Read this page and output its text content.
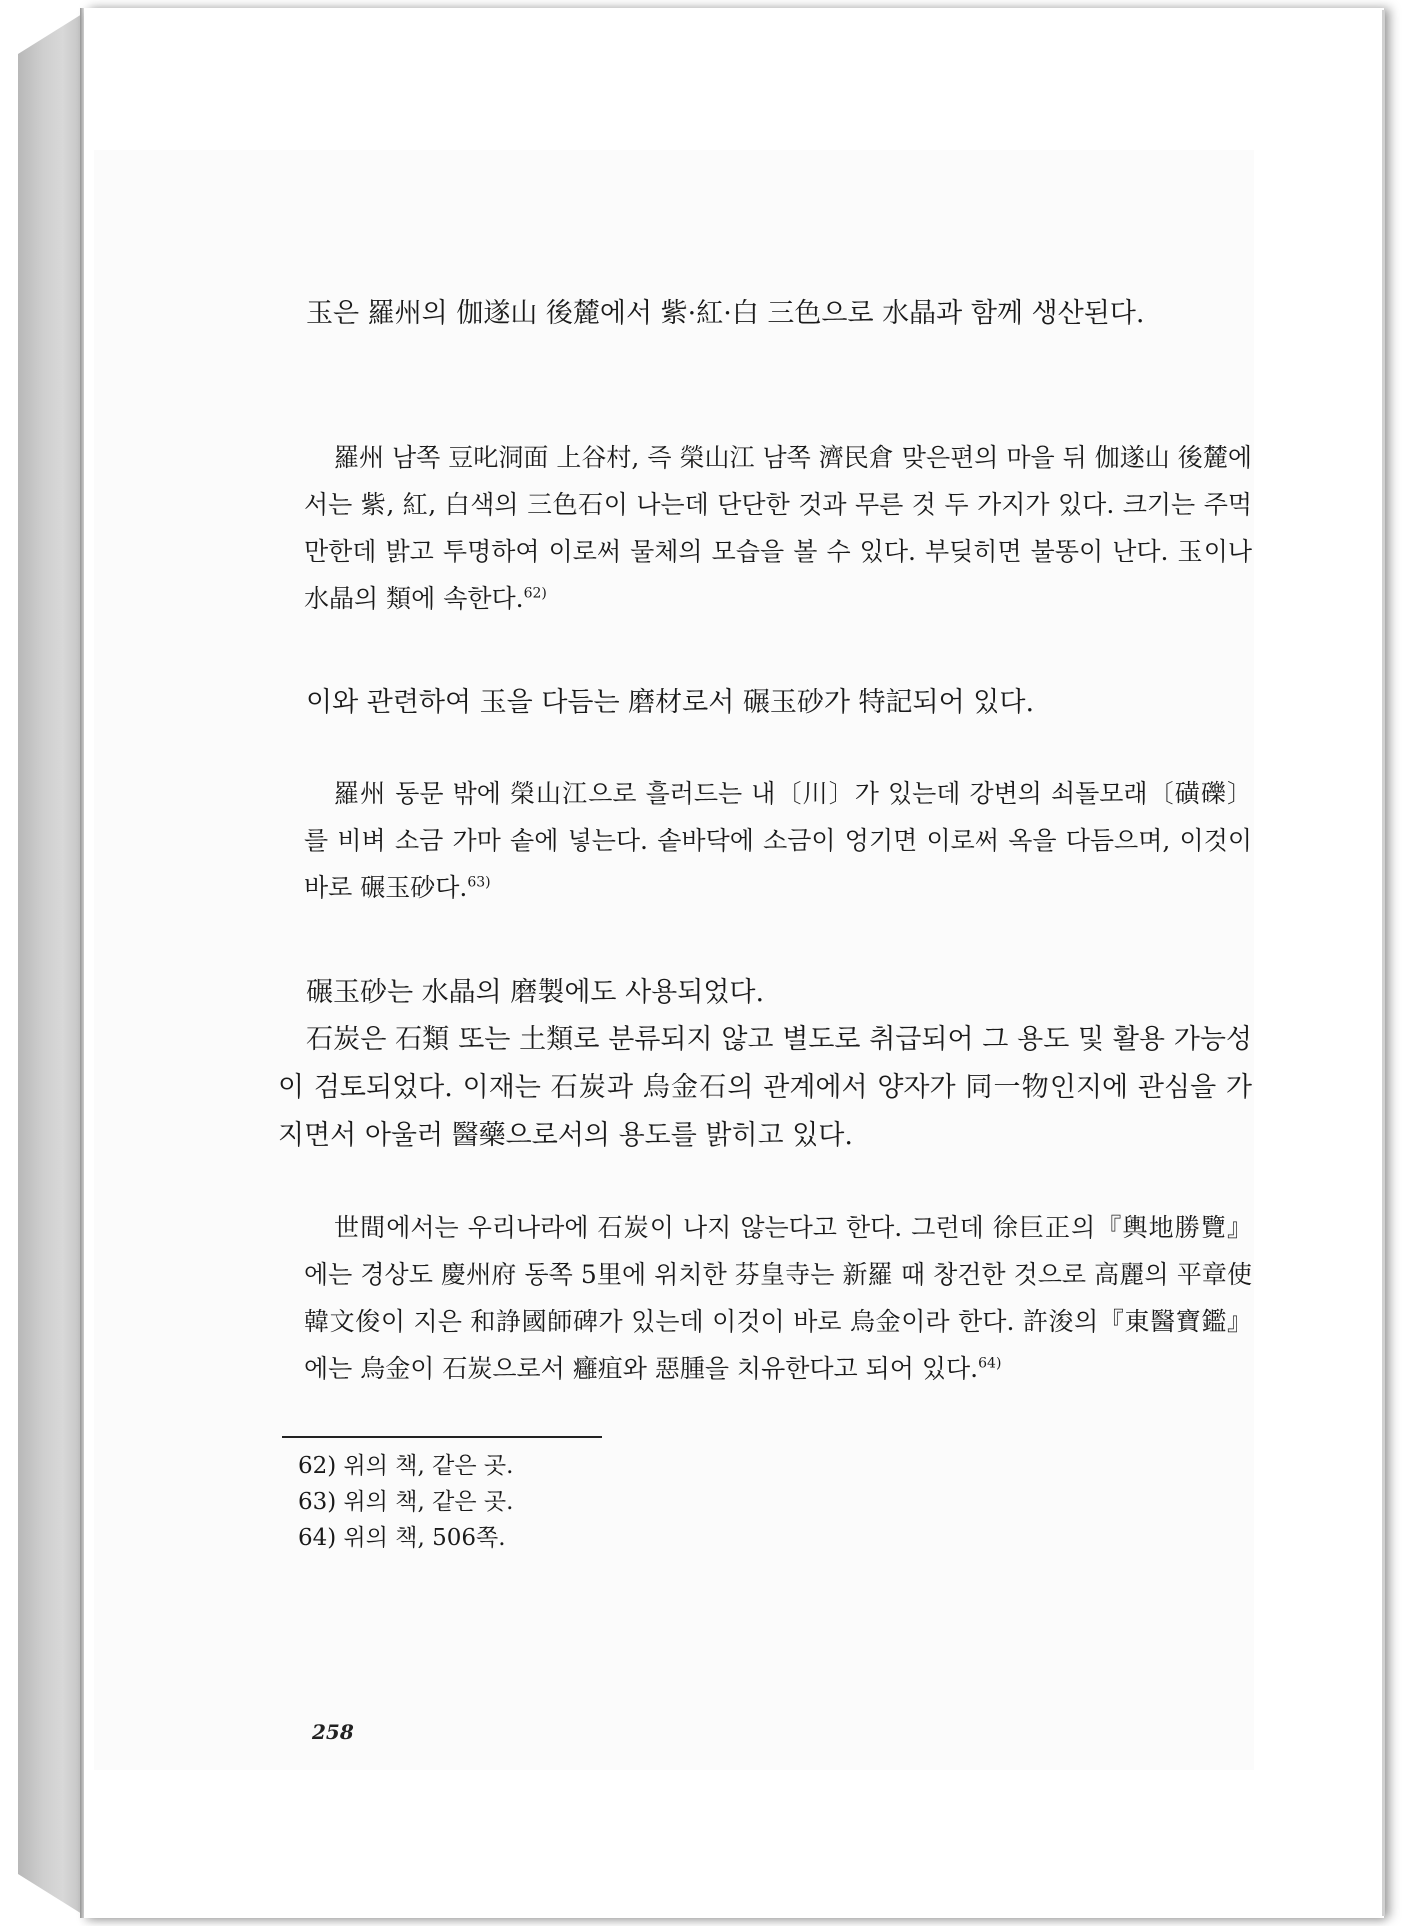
玉은 羅州의 伽遂山 後麓에서 紫·紅·白 三色으로 水晶과 함께 생산된다.

羅州 남쪽 豆叱洞面 上谷村, 즉 榮山江 남쪽 濟民倉 맞은편의 마을 뒤 伽遂山 後麓에서는 紫, 紅, 白색의 三色石이 나는데 단단한 것과 무른 것 두 가지가 있다. 크기는 주먹만한데 밝고 투명하여 이로써 물체의 모습을 볼 수 있다. 부딪히면 불똥이 난다. 玉이나 水晶의 類에 속한다.$^{62)}$

이와 관련하여 玉을 다듬는 磨材로서 碾玉砂가 特記되어 있다.

羅州 동문 밖에 榮山江으로 흘러드는 내〔川〕가 있는데 강변의 쇠돌모래〔磺礫〕를 비벼 소금 가마 솥에 넣는다. 솥바닥에 소금이 엉기면 이로써 옥을 다듬으며, 이것이 바로 碾玉砂다.$^{63)}$

碾玉砂는 水晶의 磨製에도 사용되었다.

石炭은 石類 또는 土類로 분류되지 않고 별도로 취급되어 그 용도 및 활용 가능성이 검토되었다. 이재는 石炭과 烏金石의 관계에서 양자가 同一物인지에 관심을 가지면서 아울러 醫藥으로서의 용도를 밝히고 있다.

世間에서는 우리나라에 石炭이 나지 않는다고 한다. 그런데 徐巨正의『輿地勝覽』에는 경상도 慶州府 동쪽 5里에 위치한 芬皇寺는 新羅 때 창건한 것으로 高麗의 平章使 韓文俊이 지은 和諍國師碑가 있는데 이것이 바로 烏金이라 한다. 許浚의『東醫寶鑑』에는 烏金이 石炭으로서 癰疽와 惡腫을 치유한다고 되어 있다.$^{64)}$

62) 위의 책, 같은 곳.

63) 위의 책, 같은 곳.

64) 위의 책, 506쪽.

258
